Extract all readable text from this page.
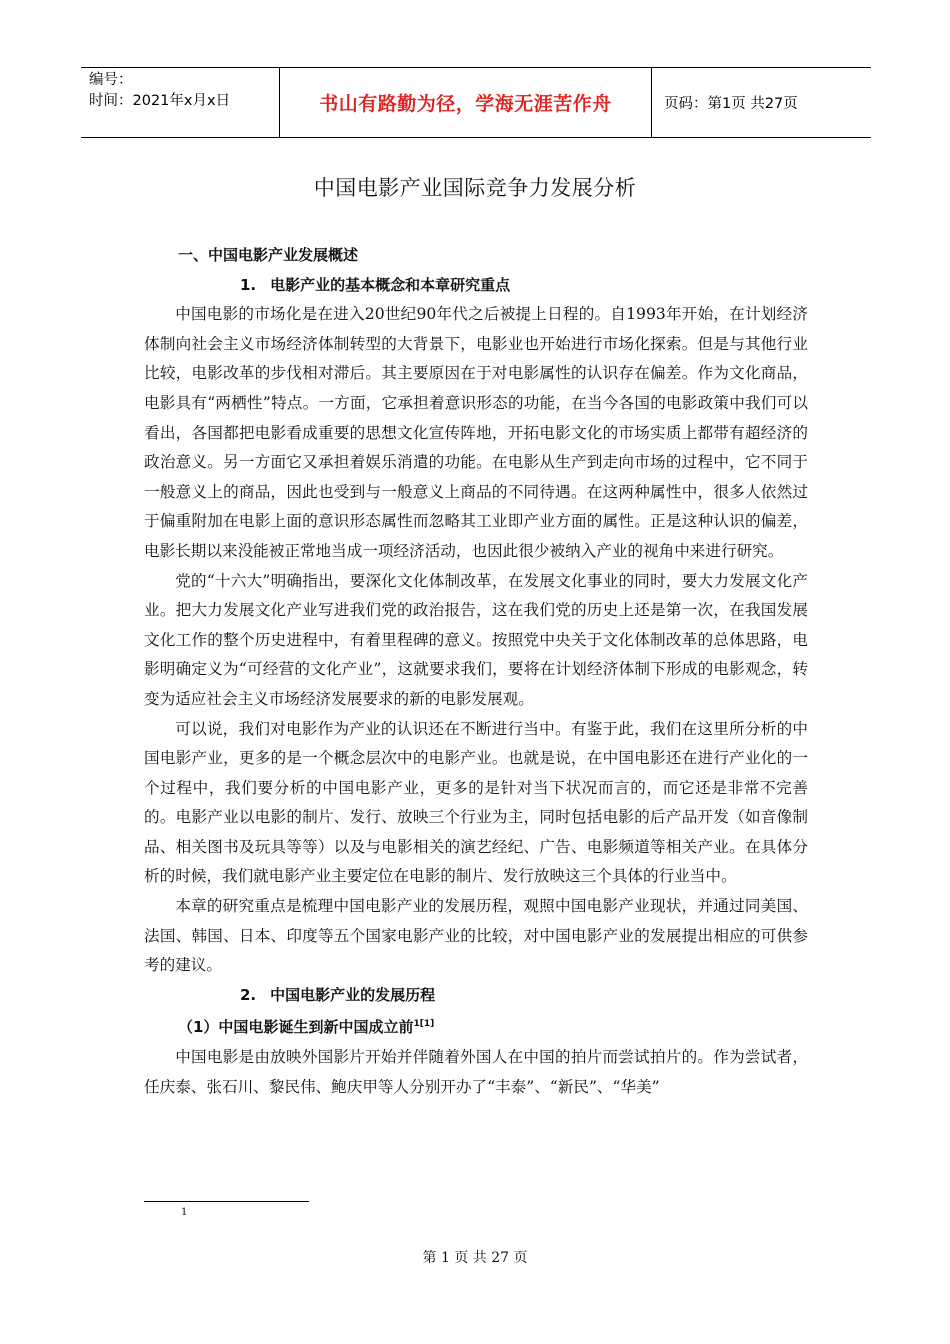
编号：
时间：2021年x月x日	书山有路勤为径，学海无涯苦作舟	页码：第1页 共27页
中国电影产业国际竞争力发展分析
一、中国电影产业发展概述
1. 电影产业的基本概念和本章研究重点

中国电影的市场化是在进入20世纪90年代之后被提上日程的。自1993年开始，在计划经济体制向社会主义市场经济体制转型的大背景下，电影业也开始进行市场化探索。但是与其他行业比较，电影改革的步伐相对滞后。其主要原因在于对电影属性的认识存在偏差。作为文化商品，电影具有“两栖性”特点。一方面，它承担着意识形态的功能，在当今各国的电影政策中我们可以看出，各国都把电影看成重要的思想文化宣传阵地，开拓电影文化的市场实质上都带有超经济的政治意义。另一方面它又承担着娱乐消遣的功能。在电影从生产到走向市场的过程中，它不同于一般意义上的商品，因此也受到与一般意义上商品的不同待遇。在这两种属性中，很多人依然过于偏重附加在电影上面的意识形态属性而忽略其工业即产业方面的属性。正是这种认识的偏差，电影长期以来没能被正常地当成一项经济活动，也因此很少被纳入产业的视角中来进行研究。

党的“十六大”明确指出，要深化文化体制改革，在发展文化事业的同时，要大力发展文化产业。把大力发展文化产业写进我们党的政治报告，这在我们党的历史上还是第一次，在我国发展文化工作的整个历史进程中，有着里程碑的意义。按照党中央关于文化体制改革的总体思路，电影明确定义为“可经营的文化产业”，这就要求我们，要将在计划经济体制下形成的电影观念，转变为适应社会主义市场经济发展要求的新的电影发展观。

可以说，我们对电影作为产业的认识还在不断进行当中。有鉴于此，我们在这里所分析的中国电影产业，更多的是一个概念层次中的电影产业。也就是说，在中国电影还在进行产业化的一个过程中，我们要分析的中国电影产业，更多的是针对当下状况而言的，而它还是非常不完善的。电影产业以电影的制片、发行、放映三个行业为主，同时包括电影的后产品开发（如音像制品、相关图书及玩具等等）以及与电影相关的演艺经纪、广告、电影频道等相关产业。在具体分析的时候，我们就电影产业主要定位在电影的制片、发行放映这三个具体的行业当中。

本章的研究重点是梳理中国电影产业的发展历程，观照中国电影产业现状，并通过同美国、法国、韩国、日本、印度等五个国家电影产业的比较，对中国电影产业的发展提出相应的可供参考的建议。

2. 中国电影产业的发展历程
（1）中国电影诞生到新中国成立前$^{1[1]}$

中国电影是由放映外国影片开始并伴随着外国人在中国的拍片而尝试拍片的。作为尝试者，任庆泰、张石川、黎民伟、鲍庆甲等人分别开办了“丰泰”、“新民”、“华美”

1
第 1 页 共 27 页
